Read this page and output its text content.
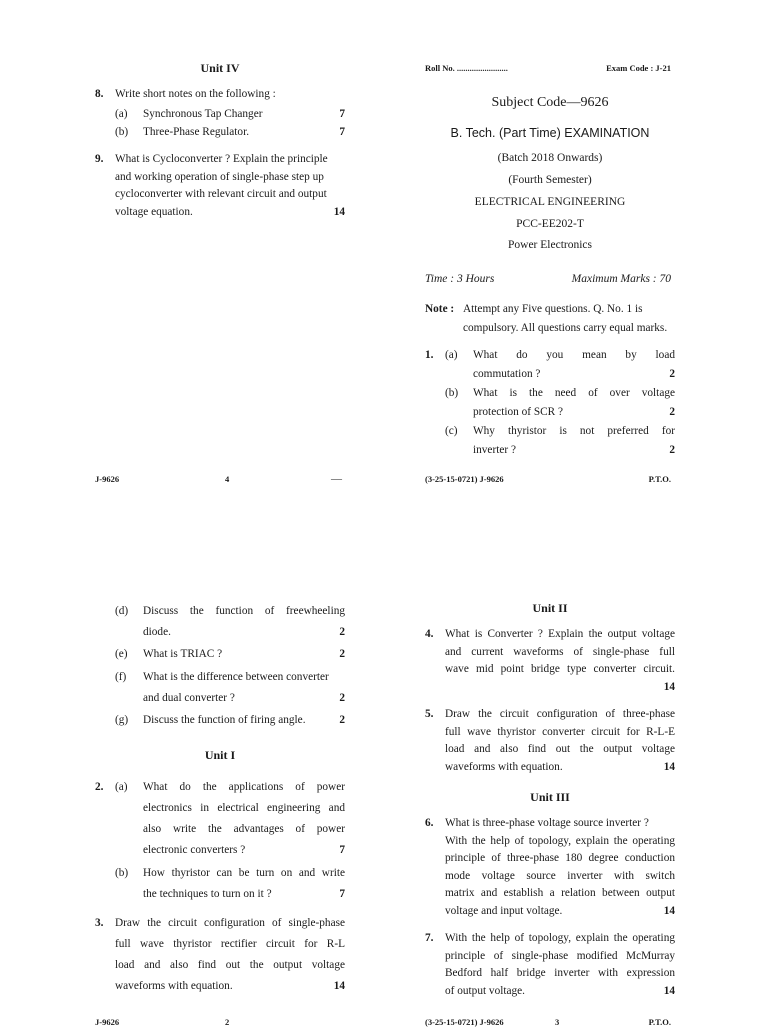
Unit IV
8.	Write short notes on the following :
(a)	Synchronous Tap Changer	7
(b)	Three-Phase Regulator.	7
9.	What is Cycloconverter ? Explain the principle
and working operation of single-phase step up
cycloconverter with relevant circuit and output
voltage equation.	14
J-9626	4	—
Roll No. ........................	Exam Code : J-21
Subject Code—9626
B. Tech. (Part Time) EXAMINATION
(Batch 2018 Onwards)
(Fourth Semester)
ELECTRICAL ENGINEERING
PCC-EE202-T
Power Electronics
Time : 3 Hours	Maximum Marks : 70
Note : Attempt any Five questions. Q. No. 1 is
compulsory. All questions carry equal marks.
1.	(a)	What do you mean by load
commutation ?	2
(b)	What is the need of over voltage
protection of SCR ?	2
(c)	Why thyristor is not preferred for
inverter ?	2
(3-25-15-0721) J-9626	P.T.O.
(d)	Discuss the function of freewheeling
diode.	2
(e)	What is TRIAC ?	2
(f)	What is the difference between converter
and dual converter ?	2
(g)	Discuss the function of firing angle.	2
Unit I
2.	(a)	What do the applications of power
electronics in electrical engineering and
also write the advantages of power
electronic converters ?	7
(b)	How thyristor can be turn on and write
the techniques to turn on it ?	7
3.	Draw the circuit configuration of single-phase
full wave thyristor rectifier circuit for R-L
load and also find out the output voltage
waveforms with equation.	14
J-9626	2
Unit II
4.	What is Converter ? Explain the output voltage
and current waveforms of single-phase full
wave mid point bridge type converter circuit.
14
5.	Draw the circuit configuration of three-phase
full wave thyristor converter circuit for R-L-E
load and also find out the output voltage
waveforms with equation.	14
Unit III
6.	What is three-phase voltage source inverter ?
With the help of topology, explain the operating
principle of three-phase 180 degree conduction
mode voltage source inverter with switch
matrix and establish a relation between output
voltage and input voltage.	14
7.	With the help of topology, explain the operating
principle of single-phase modified McMurray
Bedford half bridge inverter with expression
of output voltage.	14
(3-25-15-0721) J-9626	3	P.T.O.
